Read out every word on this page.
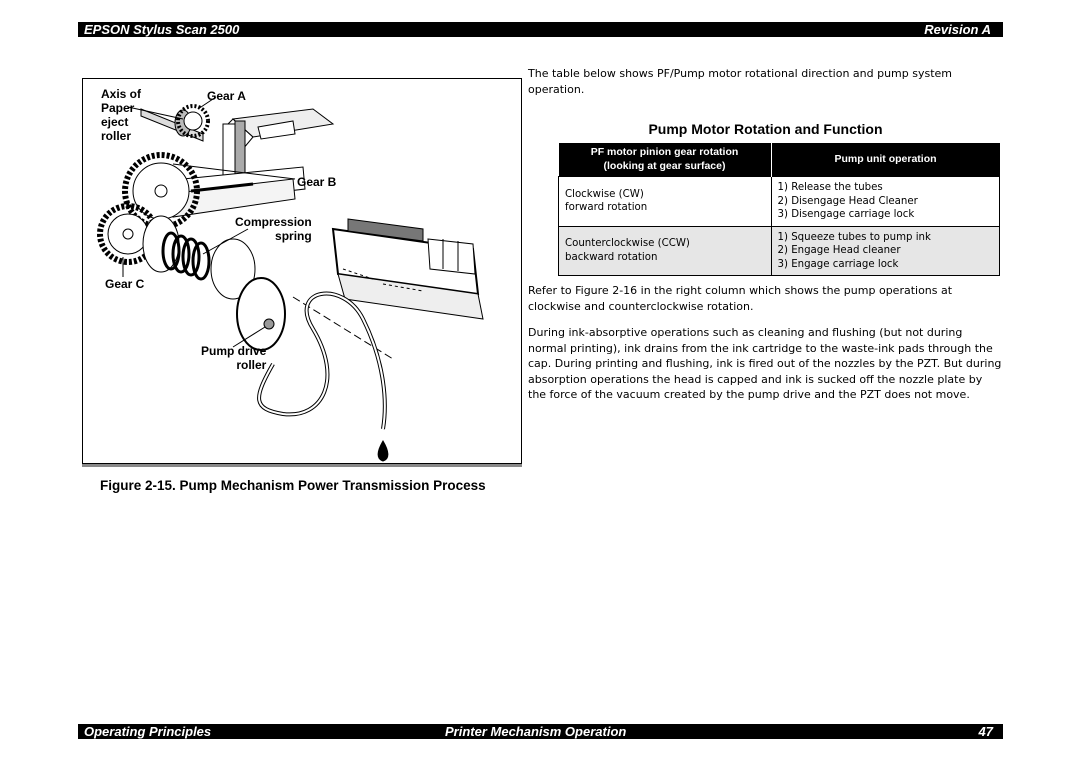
EPSON Stylus Scan 2500	Revision A
Axis of
Paper
eject
roller
Gear A
Gear B
Compression
spring
Gear C
Pump drive
roller
Figure 2-15. Pump Mechanism Power Transmission Process
The table below shows PF/Pump motor rotational direction and pump system operation.
Pump Motor Rotation and Function
PF motor pinion gear rotation
(looking at gear surface)	Pump unit operation
Clockwise (CW)
forward rotation	1) Release the tubes
2) Disengage Head Cleaner
3) Disengage carriage lock
Counterclockwise (CCW)
backward rotation	1) Squeeze tubes to pump ink
2) Engage Head cleaner
3) Engage carriage lock
Refer to Figure 2-16 in the right column which shows the pump operations at clockwise and counterclockwise rotation.
During ink-absorptive operations such as cleaning and flushing (but not during normal printing), ink drains from the ink cartridge to the waste-ink pads through the cap. During printing and flushing, ink is fired out of the nozzles by the PZT. But during absorption operations the head is capped and ink is sucked off the nozzle plate by the force of the vacuum created by the pump drive and the PZT does not move.
Operating Principles	Printer Mechanism Operation	47
